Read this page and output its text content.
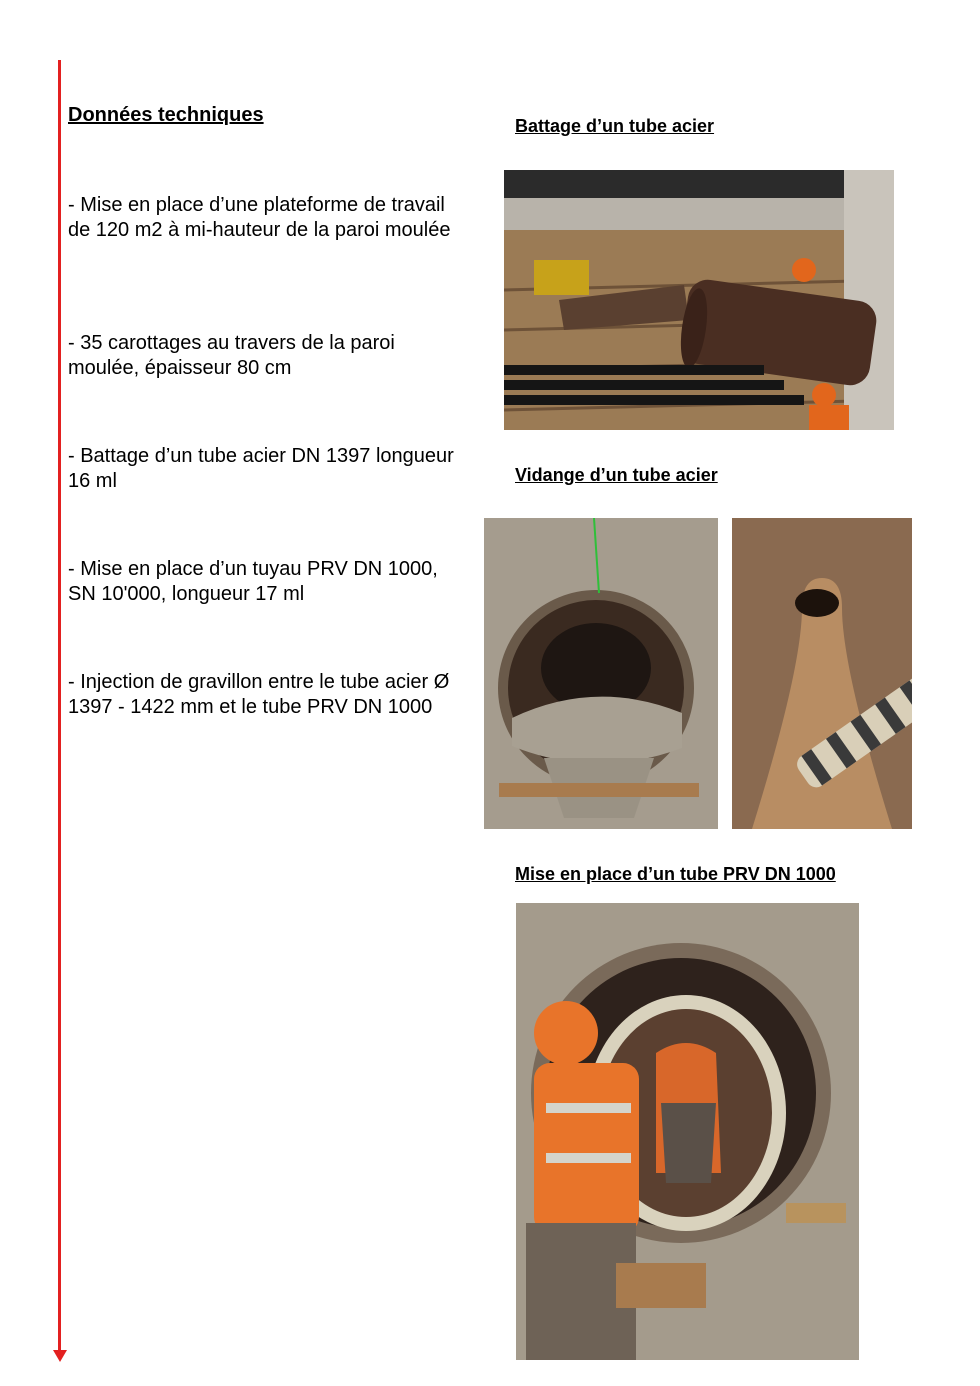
Données techniques

- Mise en place d’une plateforme de travail de 120 m2 à mi-hauteur de la paroi moulée

- 35 carottages au travers de la paroi moulée, épaisseur 80 cm

- Battage d’un tube acier DN 1397 longueur 16 ml

- Mise en place d’un tuyau PRV DN 1000, SN 10'000, longueur 17 ml

- Injection de gravillon entre le tube acier Ø 1397 - 1422 mm et le tube PRV DN 1000

Battage d’un tube acier
Vidange d’un tube acier
Mise en place d’un tube PRV DN 1000
